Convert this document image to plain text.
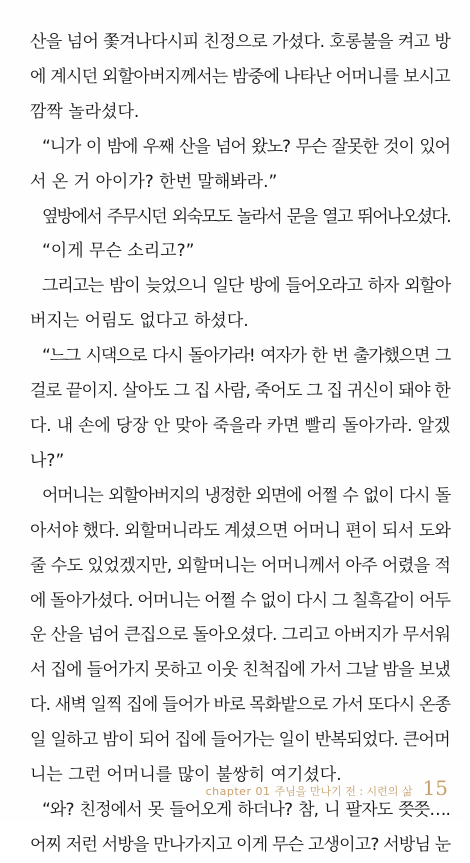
산을 넘어 쫓겨나다시피 친정으로 가셨다. 호롱불을 켜고 방
에 계시던 외할아버지께서는 밤중에 나타난 어머니를 보시고
깜짝 놀라셨다.
“니가 이 밤에 우째 산을 넘어 왔노? 무슨 잘못한 것이 있어
서 온 거 아이가? 한번 말해봐라.”
옆방에서 주무시던 외숙모도 놀라서 문을 열고 뛰어나오셨다.
“이게 무슨 소리고?”
그리고는 밤이 늦었으니 일단 방에 들어오라고 하자 외할아
버지는 어림도 없다고 하셨다.
“느그 시댁으로 다시 돌아가라! 여자가 한 번 출가했으면 그
걸로 끝이지. 살아도 그 집 사람, 죽어도 그 집 귀신이 돼야 한
다. 내 손에 당장 안 맞아 죽을라 카면 빨리 돌아가라. 알겠
나?”
어머니는 외할아버지의 냉정한 외면에 어쩔 수 없이 다시 돌
아서야 했다. 외할머니라도 계셨으면 어머니 편이 되서 도와
줄 수도 있었겠지만, 외할머니는 어머니께서 아주 어렸을 적
에 돌아가셨다. 어머니는 어쩔 수 없이 다시 그 칠흑같이 어두
운 산을 넘어 큰집으로 돌아오셨다. 그리고 아버지가 무서워
서 집에 들어가지 못하고 이웃 친척집에 가서 그날 밤을 보냈
다. 새벽 일찍 집에 들어가 바로 목화밭으로 가서 또다시 온종
일 일하고 밤이 되어 집에 들어가는 일이 반복되었다. 큰어머
니는 그런 어머니를 많이 불쌍히 여기셨다.
“와? 친정에서 못 들어오게 하더나? 참, 니 팔자도 쯧쯧….
어찌 저런 서방을 만나가지고 이게 무슨 고생이고? 서방님 눈
chapter 01 주님을 만나기 전 : 시련의 삶 15
